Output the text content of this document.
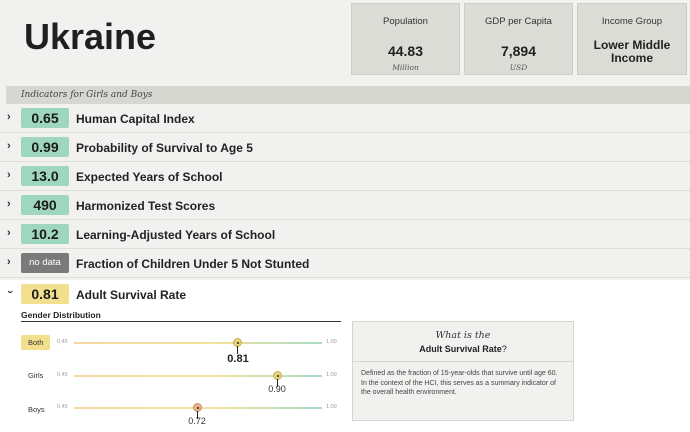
Ukraine	Population
44.83
Million
GDP per Capita
7,894
USD
Income Group
Lower Middle Income
Indicators for Girls and Boys
›	0.65	Human Capital Index
›	0.99	Probability of Survival to Age 5
›	13.0	Expected Years of School
›	490	Harmonized Test Scores
›	10.2	Learning-Adjusted Years of School
›	no data	Fraction of Children Under 5 Not Stunted
›	0.81	Adult Survival Rate
Gender Distribution
Both	0.45	1.00
0.81
Girls	0.45	1.00
0.90
Boys	0.45	1.00
0.72
What is the
Adult Survival Rate?
Defined as the fraction of 15-year-olds that survive until age 60. In the context of the HCI, this serves as a summary indicator of the overall health environment.
